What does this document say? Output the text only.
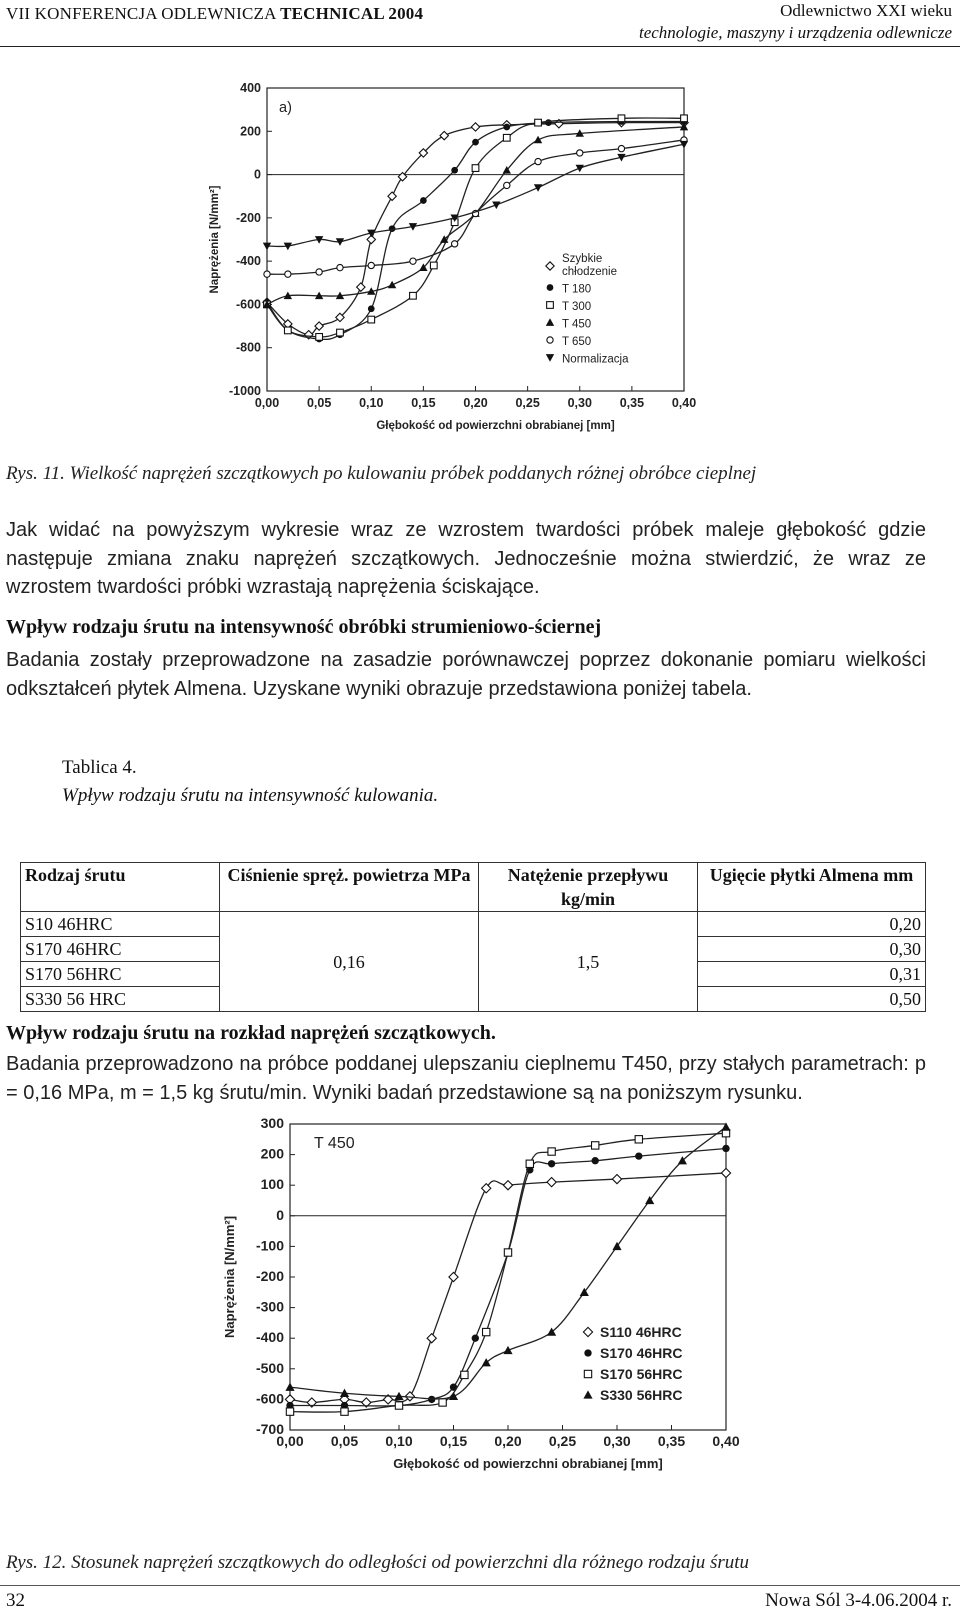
VII KONFERENCJA ODLEWNICZA TECHNICAL 2004	Odlewnictwo XXI wieku
technologie, maszyny i urządzenia odlewnicze
400
200
0
-200
-400
-600
-800
-1000
0,00 0,05 0,10 0,15 0,20 0,25 0,30 0,35 0,40
Głębokość od powierzchni obrabianej [mm]
Naprężenia [N/mm²]
a)
Szybkie
chłodzenie
T 180
T 300
T 450
T 650
Normalizacja
Rys. 11. Wielkość naprężeń szczątkowych po kulowaniu próbek poddanych różnej obróbce cieplnej
Jak widać na powyższym wykresie wraz ze wzrostem twardości próbek maleje głębokość gdzie następuje zmiana znaku naprężeń szczątkowych. Jednocześnie można stwierdzić, że wraz ze wzrostem twardości próbki wzrastają naprężenia ściskające.
Wpływ rodzaju śrutu na intensywność obróbki strumieniowo-ściernej
Badania zostały przeprowadzone na zasadzie porównawczej poprzez dokonanie pomiaru wielkości odkształceń płytek Almena. Uzyskane wyniki obrazuje przedstawiona poniżej tabela.
Tablica 4.
Wpływ rodzaju śrutu na intensywność kulowania.
Rodzaj śrutu	Ciśnienie spręż. powietrza MPa	Natężenie przepływu kg/min	Ugięcie płytki Almena mm
S10 46HRC	0,16	1,5	0,20
S170 46HRC			0,30
S170 56HRC			0,31
S330 56 HRC			0,50
Wpływ rodzaju śrutu na rozkład naprężeń szczątkowych.
Badania przeprowadzono na próbce poddanej ulepszaniu cieplnemu T450, przy stałych parametrach: p = 0,16 MPa, m = 1,5 kg śrutu/min. Wyniki badań przedstawione są na poniższym rysunku.
300
200
100
0
-100
-200
-300
-400
-500
-600
-700
0,00 0,05 0,10 0,15 0,20 0,25 0,30 0,35 0,40
Głębokość od powierzchni obrabianej [mm]
Naprężenia [N/mm²]
T 450
S110 46HRC
S170 46HRC
S170 56HRC
S330 56HRC
Rys. 12. Stosunek naprężeń szczątkowych do odległości od powierzchni dla różnego rodzaju śrutu
32	Nowa Sól 3-4.06.2004 r.
